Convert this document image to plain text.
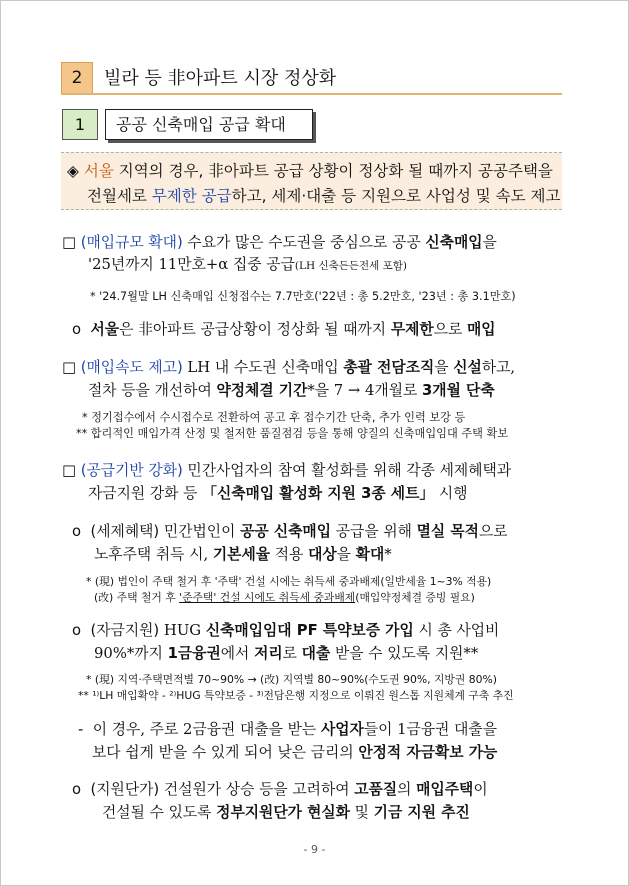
2	빌라 등 非아파트 시장 정상화
1	공공 신축매입 공급 확대
◈ 서울 지역의 경우, 非아파트 공급 상황이 정상화 될 때까지 공공주택을
전월세로 무제한 공급하고, 세제·대출 등 지원으로 사업성 및 속도 제고
□ (매입규모 확대) 수요가 많은 수도권을 중심으로 공공 신축매입을
'25년까지 11만호+α 집중 공급(LH 신축든든전세 포함)
* '24.7월말 LH 신축매입 신청접수는 7.7만호('22년 : 총 5.2만호, '23년 : 총 3.1만호)
ο 서울은 非아파트 공급상황이 정상화 될 때까지 무제한으로 매입
□ (매입속도 제고) LH 내 수도권 신축매입 총괄 전담조직을 신설하고,
절차 등을 개선하여 약정체결 기간*을 7 → 4개월로 3개월 단축
* 정기접수에서 수시접수로 전환하여 공고 후 접수기간 단축, 추가 인력 보강 등
** 합리적인 매입가격 산정 및 철저한 품질점검 등을 통해 양질의 신축매입임대 주택 확보
□ (공급기반 강화) 민간사업자의 참여 활성화를 위해 각종 세제혜택과
자금지원 강화 등 「신축매입 활성화 지원 3종 세트」 시행
ο (세제혜택) 민간법인이 공공 신축매입 공급을 위해 멸실 목적으로
노후주택 취득 시, 기본세율 적용 대상을 확대*
* (現) 법인이 주택 철거 후 '주택' 건설 시에는 취득세 중과배제(일반세율 1~3% 적용)
(改) 주택 철거 후 '준주택' 건설 시에도 취득세 중과배제(매입약정체결 증빙 필요)
ο (자금지원) HUG 신축매입임대 PF 특약보증 가입 시 총 사업비
90%*까지 1금융권에서 저리로 대출 받을 수 있도록 지원**
* (現) 지역·주택면적별 70~90% → (改) 지역별 80~90%(수도권 90%, 지방권 80%)
** ¹⁾LH 매입확약 - ²⁾HUG 특약보증 - ³⁾전담은행 지정으로 이뤄진 원스톱 지원체계 구축 추진
- 이 경우, 주로 2금융권 대출을 받는 사업자들이 1금융권 대출을
보다 쉽게 받을 수 있게 되어 낮은 금리의 안정적 자금확보 가능
ο (지원단가) 건설원가 상승 등을 고려하여 고품질의 매입주택이
건설될 수 있도록 정부지원단가 현실화 및 기금 지원 추진
- 9 -
